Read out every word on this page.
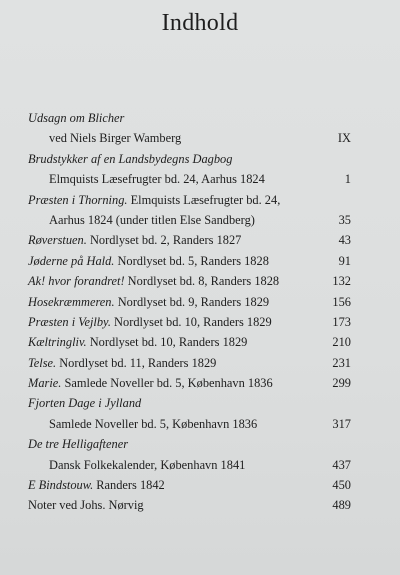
Indhold
Udsagn om Blicher
ved Niels Birger Wamberg	IX
Brudstykker af en Landsbydegns Dagbog
Elmquists Læsefrugter bd. 24, Aarhus 1824	1
Præsten i Thorning. Elmquists Læsefrugter bd. 24,
Aarhus 1824 (under titlen Else Sandberg)	35
Røverstuen. Nordlyset bd. 2, Randers 1827	43
Jøderne på Hald. Nordlyset bd. 5, Randers 1828	91
Ak! hvor forandret! Nordlyset bd. 8, Randers 1828	132
Hosekræmmeren. Nordlyset bd. 9, Randers 1829	156
Præsten i Vejlby. Nordlyset bd. 10, Randers 1829	173
Kæltringliv. Nordlyset bd. 10, Randers 1829	210
Telse. Nordlyset bd. 11, Randers 1829	231
Marie. Samlede Noveller bd. 5, København 1836	299
Fjorten Dage i Jylland
Samlede Noveller bd. 5, København 1836	317
De tre Helligaftener
Dansk Folkekalender, København 1841	437
E Bindstouw. Randers 1842	450
Noter ved Johs. Nørvig	489
